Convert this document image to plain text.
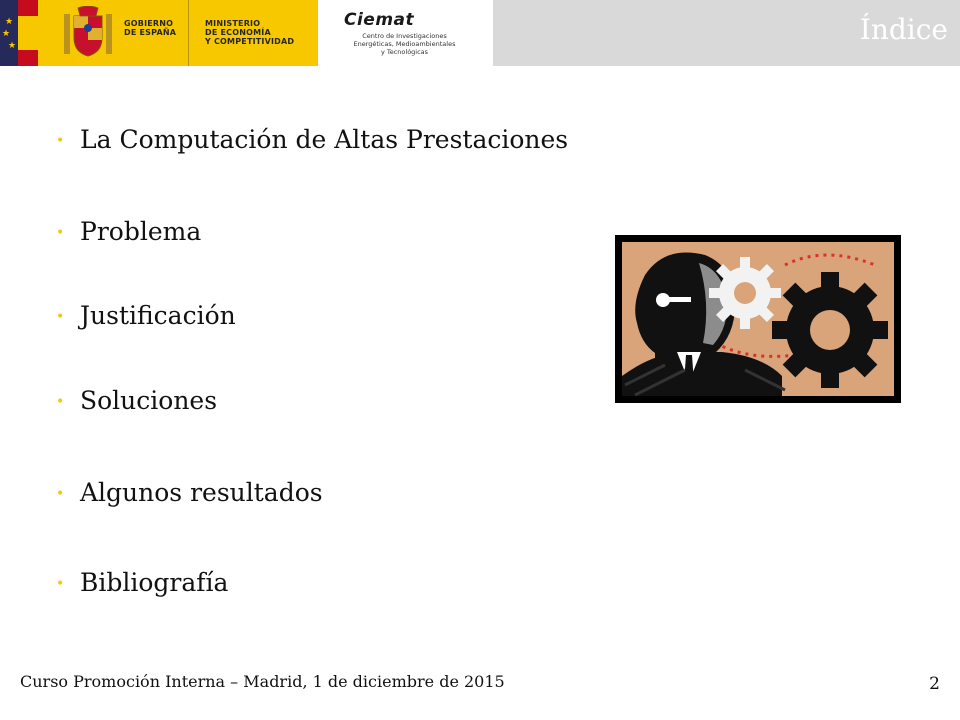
★
★
★
GOBIERNO
DE ESPAÑA
MINISTERIO
DE ECONOMÍA
Y COMPETITIVIDAD
Ciemat
Centro de Investigaciones
Energéticas, Medioambientales
y Tecnológicas
Índice
• La Computación de Altas Prestaciones
• Problema
• Justificación
• Soluciones
• Algunos resultados
• Bibliografía
Curso Promoción Interna – Madrid, 1 de diciembre de 2015	2
